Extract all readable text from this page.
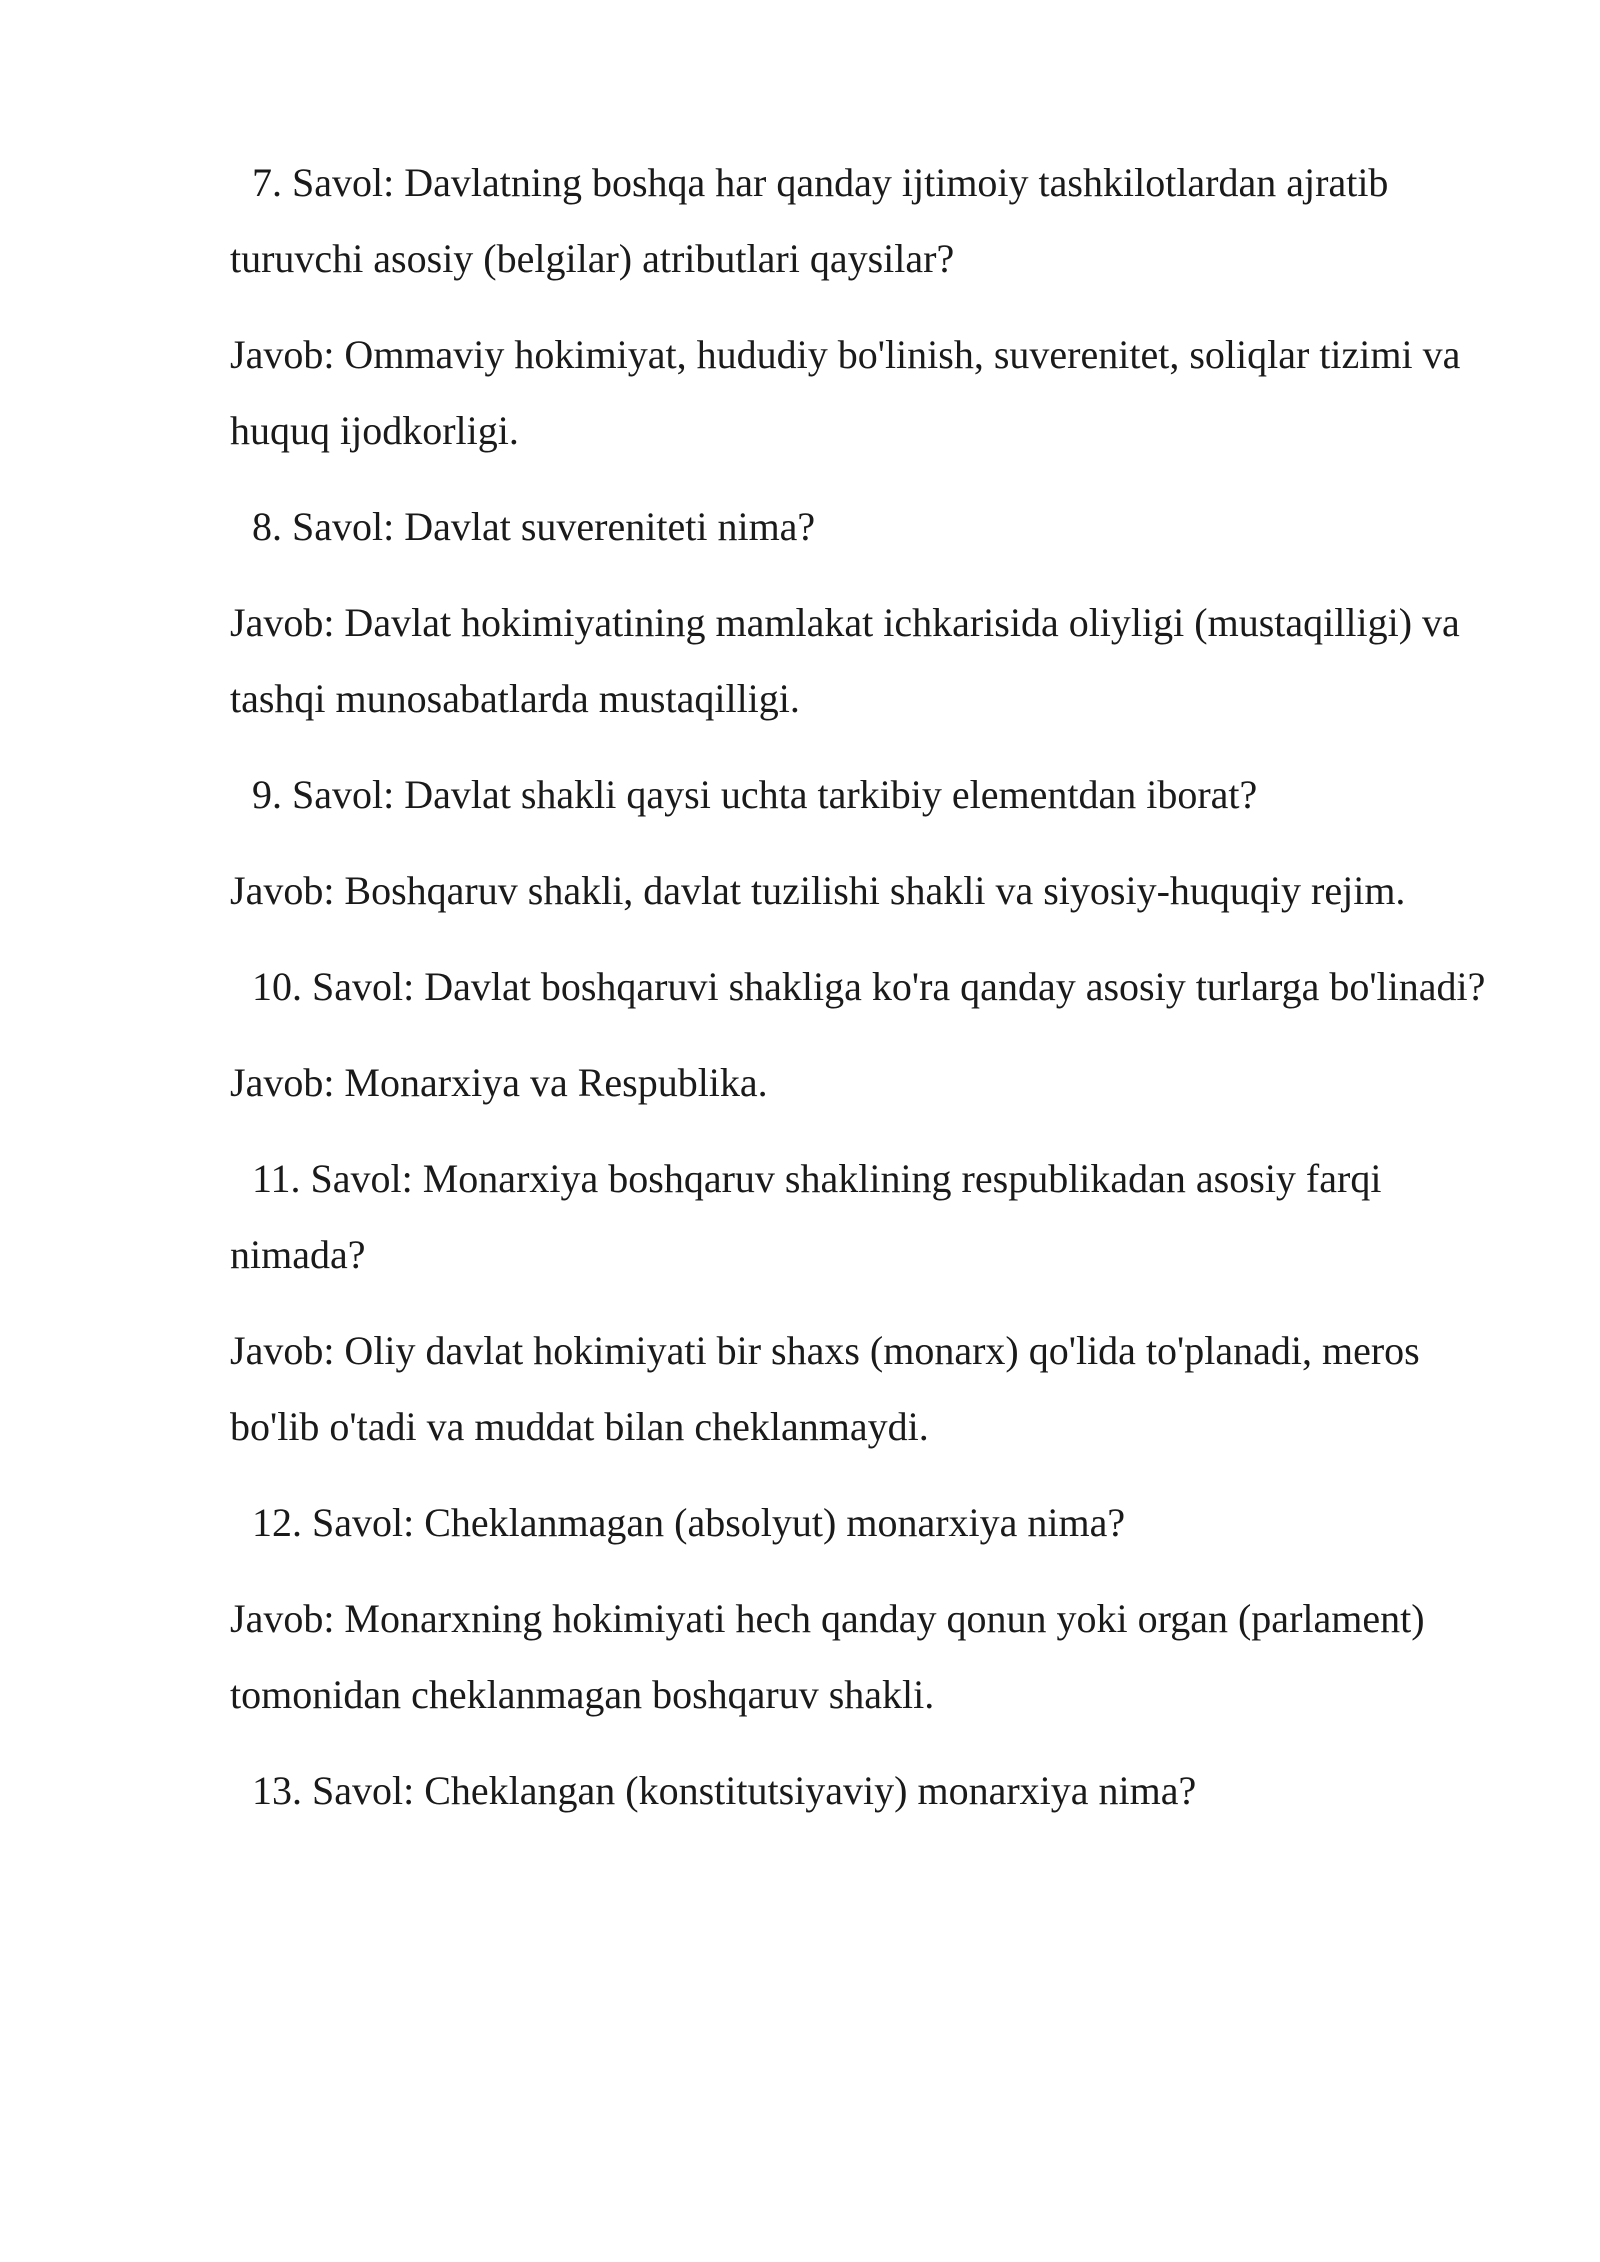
7. Savol: Davlatning boshqa har qanday ijtimoiy tashkilotlardan ajratib turuvchi asosiy (belgilar) atributlari qaysilar?

Javob: Ommaviy hokimiyat, hududiy bo'linish, suverenitet, soliqlar tizimi va huquq ijodkorligi.

8. Savol: Davlat suvereniteti nima?

Javob: Davlat hokimiyatining mamlakat ichkarisida oliyligi (mustaqilligi) va tashqi munosabatlarda mustaqilligi.

9. Savol: Davlat shakli qaysi uchta tarkibiy elementdan iborat?

Javob: Boshqaruv shakli, davlat tuzilishi shakli va siyosiy-huquqiy rejim.

10. Savol: Davlat boshqaruvi shakliga ko'ra qanday asosiy turlarga bo'linadi?

Javob: Monarxiya va Respublika.

11. Savol: Monarxiya boshqaruv shaklining respublikadan asosiy farqi nimada?

Javob: Oliy davlat hokimiyati bir shaxs (monarx) qo'lida to'planadi, meros bo'lib o'tadi va muddat bilan cheklanmaydi.

12. Savol: Cheklanmagan (absolyut) monarxiya nima?

Javob: Monarxning hokimiyati hech qanday qonun yoki organ (parlament) tomonidan cheklanmagan boshqaruv shakli.

13. Savol: Cheklangan (konstitutsiyaviy) monarxiya nima?
